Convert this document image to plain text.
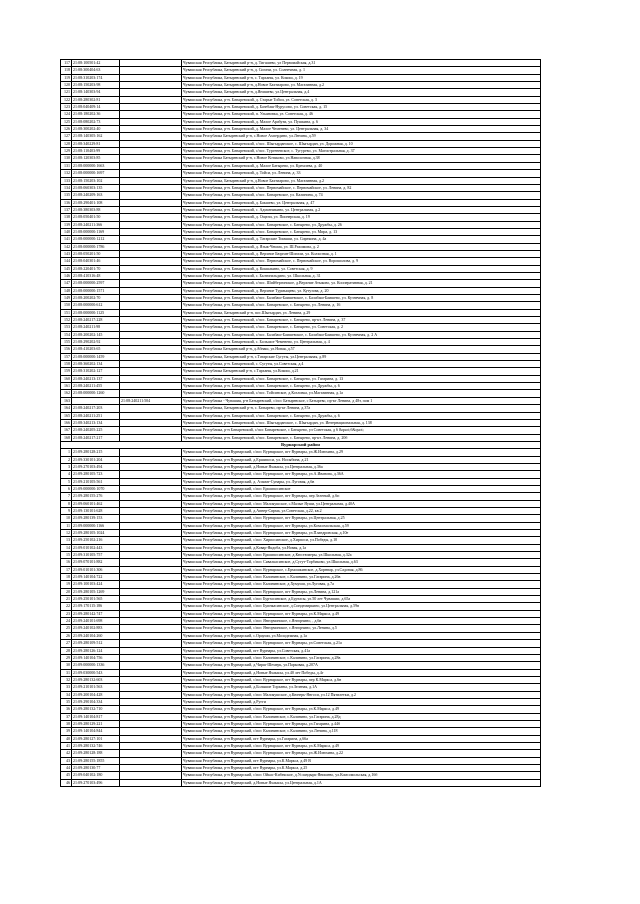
117	21:08:100501:42		Чувашская Республика, Батыревский р-н, д. Тигашево, ул Первомайская, д.31
118	21:08:300404:63		Чувашская Республика, Батыревский р-н, д. Сигачи, ул. Солнечная, д. 1
119	21:08:310203:174		Чувашская Республика, Батыревский р-н, с. Тарханы, ул. Кокиш, д. 19
120	21:08:150203:98		Чувашская Республика, Батыревский р-н, д.Новое Бахтиарово, ул. Магазинная, д.2
121	21:08:140303:94		Чувашская Республика, Батыревский р-н, д.Янишево, ул.Центральная, д.4
122	21:08:280302:81		Чувашская Республика, р-н. Батыревский, д. Старые Тойси, ул. Советская, д. 3
123	21:08:040409:14		Чувашская Республика, р-н. Батыревский, д. Базебаш-Нурусово, ул. Советская, д. 15
124	21:08:180202:36		Чувашская Республика, р-н. Батыревский, п. Ульяновка, ул. Советская, д. 46
125	21:08:080202:73		Чувашская Республика, р-н. Батыревский, д. Малое Арабузи, ул. Пушкина, д. 6
126	21:08:300202:40		Чувашская Республика, р-н. Батыревский, д. Малое Чеменево, ул. Центральная, д. 34
127	21:08:140305:162		Чувашская Республика Батыревский р-н, с.Новое Ахпердино, ул.Ленина, д.59
128	21:08:340229:81		Чувашская Республика, р-н. Батыревский, с/пос. Шыгырданское, с. Шыгырдан, ул. Дорожная, д. 10
129	21:08:110403:99		Чувашская Республика, р-н. Батыревский, с/пос. Тургеневское, с. Тугурево, ул. Магистральная, д. 37
130	21:08:120303:85		Чувашская Республика Батыревский р-н, с.Новое Котяково, ул.Наволочная, д.38
131	21:08:000000:1663		Чувашская Республика, р-н. Батыревский, д. Малое Батырево, ул. Кремлева, д. 40
132	21:08:000000:1697		Чувашская Республика, р-н. Батыревский, д. Тойси, ул. Ленина, д. 33
133	21:08:150203:102		Чувашская Республика, Батыревский р-н, д.Новое Бахтиарово, ул. Магазинная, д.2
134	21:08:060303:135		Чувашская Республика, р-н. Батыревский, с/пос. Первомайское, с. Первомайское, ул. Ленина, д. 82
135	21:08:240209:163		Чувашская Республика, р-н. Батыревский, с/пос. Батыревское, ул. Калинина, д. 74
136	21:08:290401:108		Чувашская Республика, р-н. Батыревский, д. Бакшево, ул. Центральная, д. 47
137	21:08:380303:88		Чувашская Республика, р-н. Батыревский, с. Адманчикино, ул. Центральная, д.2
138	21:08:050401:50		Чувашская Республика, р-н. Батыревский, д. Ощели, ул. Пионерская, д. 19
139	21:08:240211:366		Чувашская Республика, р-н. Батыревский, с/пос. Батыревское, с. Батырево, ул. Дружбы, д. 26
140	21:08:000000:1169		Чувашская Республика, р-н. Батыревский, с/пос. Батыревское, с. Батырево, ул. Мира, д. 13
141	21:08:000000:1212		Чувашская Республика, р-н. Батыревский, д. Татарские Тимяши, ул. Сирекина, д. 4а
142	21:08:000000:1786		Чувашская Республика, р-н. Батыревский, д. Язык-Чешма, ул. Ш.Рахимова, д. 2
143	21:08:050201:50		Чувашская Республика, р-н. Батыревский, д. Верхние Бюрган-Шигали, ул. Колхозная, д. 1
144	21:08:040301:46		Чувашская Республика, р-н. Батыревский, с/пос. Первомайское, с. Первомайское, ул. Ворошилова, д. 9
145	21:08:220401:70		Чувашская Республика, р-н. Батыревский, д. Кокшакино, ул. Советская, д. 9
146	21:08:410316:48		Чувашская Республика, р-н. Батыревский, с. Балтигильдино, ул. Школьная, д. 31
147	21:08:000000:2597		Чувашская Республика, р-н. Батыревский, с/пос. Шийбергинское, д.Верхние Атыково, ул. Кооперативная, д. 21
148	21:08:000000:1571		Чувашская Республика, р-н. Батыревский, д. Верхние Турмыщево, ул. Кутузова, д. 20
149	21:08:200202:70		Чувашская Республика, р-н. Батыревский, с/пос. Балабаш-Баишевское, с. Балабаш-Баишево, ул. Кузнечная, д. 8
150	21:08:000000:612		Чувашская Республика, р-н. Батыревский, с/пос. Батыревское, с. Батырево, ул. Ленина, д. 16
151	21:08:000000:1125		Чувашская Республика, Батыревский р-н, пос.Шыгырдан, ул. Ленина, д.29
152	21:08:240217:228		Чувашская Республика, р-н. Батыревский, с/пос. Батыревское, с. Батырево, пр-кт. Ленина, д. 37
153	21:08:240211:98		Чувашская Республика, р-н. Батыревский, с/пос. Батыревское, с. Батырево, ул. Советская, д. 2
154	21:08:200202:145		Чувашская Республика, р-н. Батыревский, с/пос. Балабаш-Баишевское, с. Балабаш-Баишево, ул. Кузнечная, д. 2 А
155	21:08:290202:92		Чувашская Республика, р-н. Батыревский, с. Большое Чеменево, ул. Центральная, д. 4
156	21:08:410203:65		Чувашская Республика Батыревский р-н, д.Абнаш, ул.Новая, д.57
157	21:08:000000:1459		Чувашская Республика, Батыревский р-н, с.Татарские Сугуты, ул.Центральная, д.89
158	21:08:360202:134		Чувашская Республика, р-н. Батыревский, с. Сугуты, ул.Советская, д.4
159	21:08:310202:127		Чувашская Республика Батыревский р-н, с.Тарханы, ул.Кокиш, д.21
160	21:08:240213:137		Чувашская Республика, р-н. Батыревский, с/пос. Батыревское, с. Батырево, ул. Гагарина, д. 13
161	21:08:240211:455		Чувашская Республика, р-н. Батыревский, с/пос. Батыревское, с. Батырево, ул. Дружбы, д. 6
162	21:08:000000:1260		Чувашская Республика, р-н. Батыревский, с/пос. Тойсинское, д.Козловка, ул.Магазинная, д.1а
163		21:08:240211:504	Чувашская Республика - Чувашия, р-н Батыревский, с/пос Батыревское, с Батырево, пр-кт Ленина, д 48т, пом 1
164	21:08:240217:203		Чувашская Республика, Батыревский р-н, с. Батырево, пр-кт Ленина, д.37а
165	21:08:240211:251		Чувашская Республика, р-н. Батыревский, с/пос. Батыревское, с. Батырево, ул. Дружбы, д. 6
166	21:08:340213:134		Чувашская Республика, р-н. Батыревский, с/пос. Шыгырданское, с. Шыгырдан, ул. Интернациональная, д. 138
167	21:08:240205:225		Чувашская Республика, р-н Батыревский, с/пос Батыревское, с Батырево, ул Советская, д 6 &quot;б&quot;
168	21:08:240217:217		Чувашская Республика, р-н. Батыревский, с/пос. Батыревское, с. Батырево, пр-кт. Ленина, д. 20б
Вурнарский район			
1	21:09:280128:215		Чувашская Республика, р-н Вурнарский, с/пос Вурнарское, пгт Вурнары, ул.Ж.Илюхина, д.29
2	21:09:330101:204		Чувашская Республика, р-н Вурнарский, д.Ершипоси, ул. Носыбина, д.21
3	21:09:270103:494		Чувашская Республика, р-н Вурнарский, д.Новые Яхакасы, ул.Центральная, д.36а
4	21:09:280105:723		Чувашская Республика, р-н Вурнарский, с/пос Вурнарское, пгт Вурнары, ул.А.Иванова, д.36А
5	21:09:210105:561		Чувашская Республика, р-н Вурнарский, д. Азамат-Сунары, ул. Луговая, д.6в
6	21:09:000000:1070		Чувашская Республика, р-н Вурнарский, с/пос Ершипосинское
7	21:09:280155:276		Чувашская Республика, р-н Вурнарский, с/пос Вурнарское, пгт Вурнары, пер Зеленый, д.6п
8	21:09:060101:462		Чувашская Республика, р-н Вурнарский, с/пос Малояушское, с.Малые Яуши, ул.Центральная, д.40А
9	21:09:130101:628		Чувашская Республика, р-н Вурнарский, д.Апнер-Сирма, ул.Советская, д.22, кв.2
10	21:09:280139:153		Чувашская Республика, р-н Вурнарский, с/пос Вурнарское, пгт Вурнары, ул.Центральная, д.25
11	21:09:000000:1166		Чувашская Республика, р-н Вурнарский, с/пос Вурнарское, пгт Вурнары, ул.Комсомольская, д.59
12	21:09:280105:1024		Чувашская Республика, р-н Вурнарский, с/пос Вурнарское, пгт Вурнары, ул.Пландровская, д.10е
13	21:09:250102:216		Чувашская Республика, р-н Вурнарский, с/пос Хирпосинское, д.Хирпоси, ул.Победы, д.10
14	21:09:010102:443		Чувашская Республика, р-н Вурнарский, д.Ковар-Якдоба, ул.Новая, д.1а
15	21:09:310105:757		Чувашская Республика, р-н Вурнарский, с/пос Ершипосинское, д.Кюстюмеры, ул.Школьная, д.32а
16	21:09:070101:882		Чувашская Республика, р-н Вурнарский, с/пос Сявалкасинское, д.Сугут-Торбиково, ул.Школьная, д.63
17	21:09:010101:306		Чувашская Республика, р-н Вурнарский, с/пос Вурнарское, с.Ермошкинское, д.Хорнвар, ул.Садовая, д.86
18	21:09:140104:722		Чувашская Республика, р-н Вурнарский, с/пос Калининское, с.Калинино, ул.Гагарина, д.26в
19	21:09:100103:424		Чувашская Республика, р-н Вурнарский, с/пос Калининское, д.Хумуши, ул.Луговая, д.7а
20	21:09:280105:1269		Чувашская Республика, р-н Вурнарский, с/пос Вурнарское, пгт Вурнары, ул.Ленина, д.121а
21	21:09:250101:565		Чувашская Республика, р-н Вурнарский, с/пос Буртасинское, д.Буртасы, ул.50 лет Чувашии, д.65а
22	21:09:170115:186		Чувашская Республика, р-н Вурнарский, с/пос Буинкасинское, д.Синдемиркино, ул.Центральная, д.59в
23	21:09:280142:747		Чувашская Республика, р-н Вурнарский, с/пос Вурнарское, пгт Вурнары, ул.К.Маркса, д.49
24	21:09:240101:698		Чувашская Республика, р-н Вурнарский, с/пос Янгорчинское, с.Янгорчино, , д.6в
25	21:09:240102:883		Чувашская Республика, р-н Вурнарский, с/пос Янгорчинское, с.Янгорчино, ул.Ленина, д.5
26	21:09:240104:260		Чувашская Республика, р-н Вурнарский, с.Орауши, ул.Молодежная, д.1а
27	21:09:280109:512		Чувашская Республика, р-н Вурнарский, с/пос Вурнарское, пгт Вурнары, ул.Советская, д.21а
28	21:09:280126:124		Чувашская Республика, р-н Вурнарский, пгт Вурнары, ул.Советская, д.41а
29	21:09:140104:756		Чувашская Республика, р-н Вурнарский, с/пос Калининское, с.Калинино, ул.Гагарина, д.28в
30	21:09:000000:1336		Чувашская Республика, р-н Вурнарский, д.Чирш-Шемерь, ул.Парковая, д.207А
31	21:09:030000:543		Чувашская Республика, р-н Вурнарский, д.Новые Яхакасы, ул.40 лет Победы, д.4г
32	21:09:280132:603		Чувашская Республика, р-н Вурнарский, с/пос Вурнарское, пгт Вурнары, пер К.Маркса, д.6н
33	21:09:210101:563		Чувашская Республика, р-н Вурнарский, д.Большие Торханы, ул.Зеленая, д.1А
34	21:09:200104:428		Чувашская Республика, р-н Вурнарский, с/пос Малояушское, д.Кюнерь-Янгоси, ул.12 Пятилетки, д.2
35	21:09:290104:334		Чувашская Республика, р-н Вурнарский, д.Ругги
36	21:09:280132:710		Чувашская Республика, р-н Вурнарский, с/пос Вурнарское, пгт Вурнары, ул.К.Маркса, д.49
37	21:09:140104:817		Чувашская Республика, р-н Вурнарский, с/пос Калининское, с.Калинино, ул.Гагарина, д.28д
38	21:09:280129:221		Чувашская Республика, р-н Вурнарский, с/пос Вурнарское, пгт Вурнары, ул.Гагарина, д.44б
39	21:09:140104:844		Чувашская Республика, р-н Вурнарский, с/пос Калининское, с.Калинино, ул.Ленина, д.118
40	21:09:280127:101		Чувашская Республика, р-н Вурнарский, пгт Вурнары, ул.Гагарина, д.66а
41	21:09:280132:746		Чувашская Республика, р-н Вурнарский, с/пос Вурнарское, пгт Вурнары, ул.К.Маркса, д.49
42	21:09:280128:188		Чувашская Республика, р-н Вурнарский, с/пос Вурнарское, пгт Вурнары, ул.Ж.Илюхина, д.22
43	21:09:280155:1855		Чувашская Республика, р-н Вурнарский, пгт Вурнары, ул.К.Маркса, д.49 В
44	21:09:280130:77		Чувашская Республика, р-н Вурнарский, пгт Вурнары, ул.К.Маркса, д.25
45	21:09:040102:180		Чувашская Республика, р-н Вурнарский, с/пос Ойкас-Кибекское, д.Усландырь-Янишево, ул.Комсомольская, д.16б
46	21:09:270103:496		Чувашская Республика, р-н Вурнарский, д.Новые Яхакасы, ул.Центральная, д.1А
